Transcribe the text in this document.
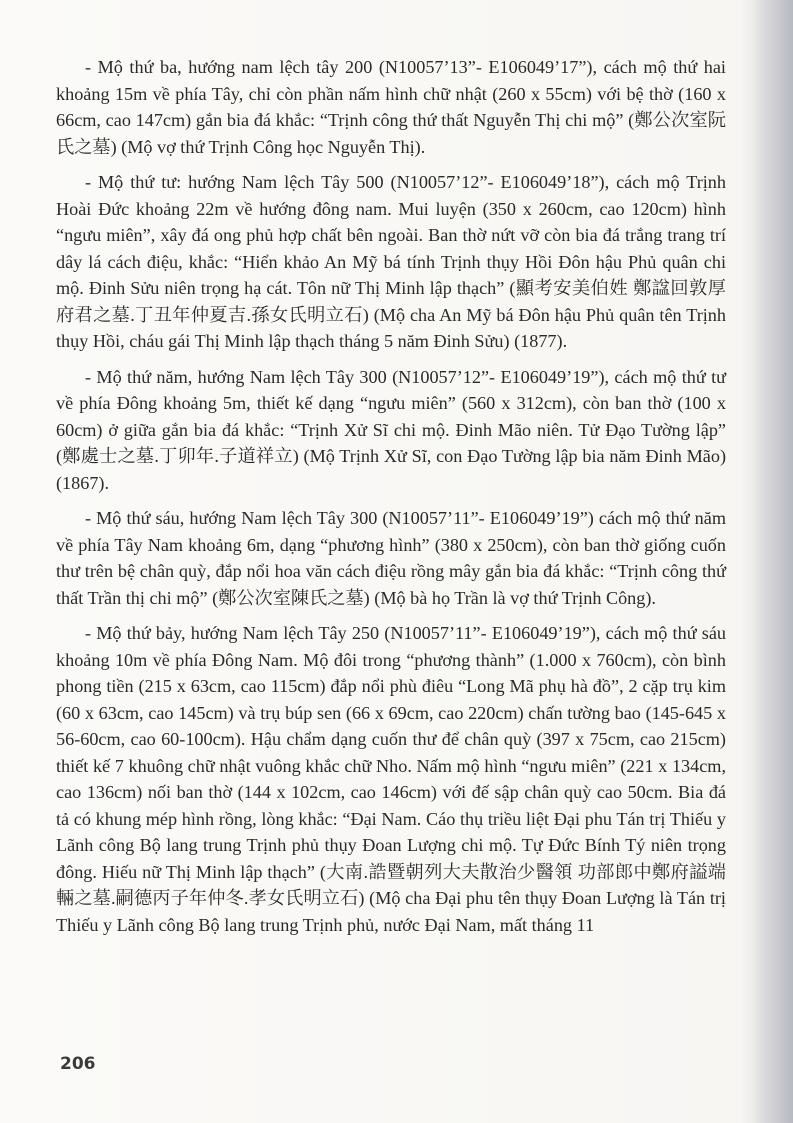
- Mộ thứ ba, hướng nam lệch tây 200 (N10057’13”- E106049’17”), cách mộ thứ hai khoảng 15m về phía Tây, chỉ còn phần nấm hình chữ nhật (260 x 55cm) với bệ thờ (160 x 66cm, cao 147cm) gắn bia đá khắc: “Trịnh công thứ thất Nguyễn Thị chi mộ” (鄭公次室阮氏之墓) (Mộ vợ thứ Trịnh Công học Nguyễn Thị).

- Mộ thứ tư: hướng Nam lệch Tây 500 (N10057’12”- E106049’18”), cách mộ Trịnh Hoài Đức khoảng 22m về hướng đông nam. Mui luyện (350 x 260cm, cao 120cm) hình “ngưu miên”, xây đá ong phủ hợp chất bên ngoài. Ban thờ nứt vỡ còn bia đá trắng trang trí dây lá cách điệu, khắc: “Hiển khảo An Mỹ bá tính Trịnh thụy Hồi Đôn hậu Phủ quân chi mộ. Đinh Sửu niên trọng hạ cát. Tôn nữ Thị Minh lập thạch” (顯考安美伯姓 鄭諡回敦厚府君之墓.丁丑年仲夏吉.孫女氏明立石) (Mộ cha An Mỹ bá Đôn hậu Phủ quân tên Trịnh thụy Hồi, cháu gái Thị Minh lập thạch tháng 5 năm Đinh Sửu) (1877).

- Mộ thứ năm, hướng Nam lệch Tây 300 (N10057’12”- E106049’19”), cách mộ thứ tư về phía Đông khoảng 5m, thiết kế dạng “ngưu miên” (560 x 312cm), còn ban thờ (100 x 60cm) ở giữa gắn bia đá khắc: “Trịnh Xử Sĩ chi mộ. Đinh Mão niên. Tử Đạo Tường lập” (鄭處士之墓.丁卯年.子道祥立) (Mộ Trịnh Xử Sĩ, con Đạo Tường lập bia năm Đinh Mão) (1867).

- Mộ thứ sáu, hướng Nam lệch Tây 300 (N10057’11”- E106049’19”) cách mộ thứ năm về phía Tây Nam khoảng 6m, dạng “phương hình” (380 x 250cm), còn ban thờ giống cuốn thư trên bệ chân quỳ, đắp nổi hoa văn cách điệu rồng mây gắn bia đá khắc: “Trịnh công thứ thất Trần thị chi mộ” (鄭公次室陳氏之墓) (Mộ bà họ Trần là vợ thứ Trịnh Công).

- Mộ thứ bảy, hướng Nam lệch Tây 250 (N10057’11”- E106049’19”), cách mộ thứ sáu khoảng 10m về phía Đông Nam. Mộ đôi trong “phương thành” (1.000 x 760cm), còn bình phong tiền (215 x 63cm, cao 115cm) đắp nổi phù điêu “Long Mã phụ hà đồ”, 2 cặp trụ kim (60 x 63cm, cao 145cm) và trụ búp sen (66 x 69cm, cao 220cm) chấn tường bao (145-645 x 56-60cm, cao 60-100cm). Hậu chẩm dạng cuốn thư để chân quỳ (397 x 75cm, cao 215cm) thiết kế 7 khuông chữ nhật vuông khắc chữ Nho. Nấm mộ hình “ngưu miên” (221 x 134cm, cao 136cm) nối ban thờ (144 x 102cm, cao 146cm) với đế sập chân quỳ cao 50cm. Bia đá tả có khung mép hình rồng, lòng khắc: “Đại Nam. Cáo thụ triều liệt Đại phu Tán trị Thiếu y Lãnh công Bộ lang trung Trịnh phủ thụy Đoan Lượng chi mộ. Tự Đức Bính Tý niên trọng đông. Hiếu nữ Thị Minh lập thạch” (大南.誥暨朝列大夫散治少醫領 功部郎中鄭府謚端輛之墓.嗣德丙子年仲冬.孝女氏明立石) (Mộ cha Đại phu tên thụy Đoan Lượng là Tán trị Thiếu y Lãnh công Bộ lang trung Trịnh phủ, nước Đại Nam, mất tháng 11

206
